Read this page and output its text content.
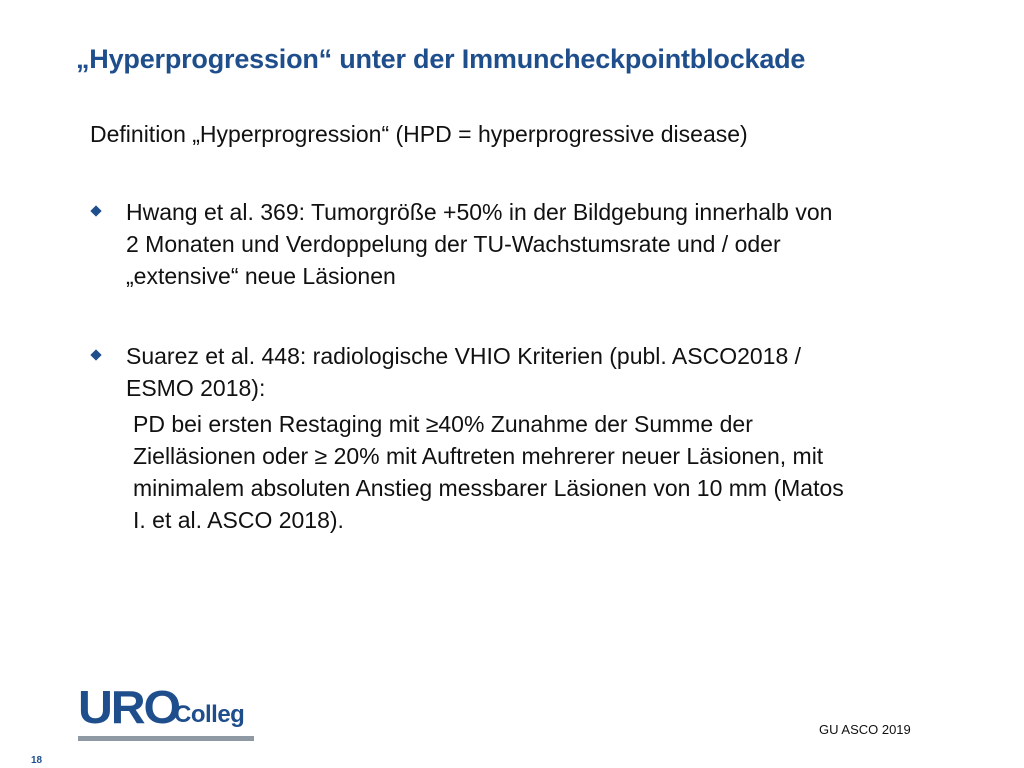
„Hyperprogression“ unter der Immuncheckpointblockade
Definition „Hyperprogression“ (HPD = hyperprogressive disease)
Hwang et al. 369: Tumorgröße +50% in der Bildgebung innerhalb von
2 Monaten und Verdoppelung der TU-Wachstumsrate und / oder
„extensive“ neue Läsionen
Suarez et al. 448: radiologische VHIO Kriterien (publ. ASCO2018 /
ESMO 2018):
PD bei ersten Restaging mit ≥40% Zunahme der Summe der
Zielläsionen oder ≥ 20% mit Auftreten mehrerer neuer Läsionen, mit
minimalem absoluten Anstieg messbarer Läsionen von 10 mm (Matos
I. et al. ASCO 2018).
URO
Colleg
GU ASCO 2019
18
